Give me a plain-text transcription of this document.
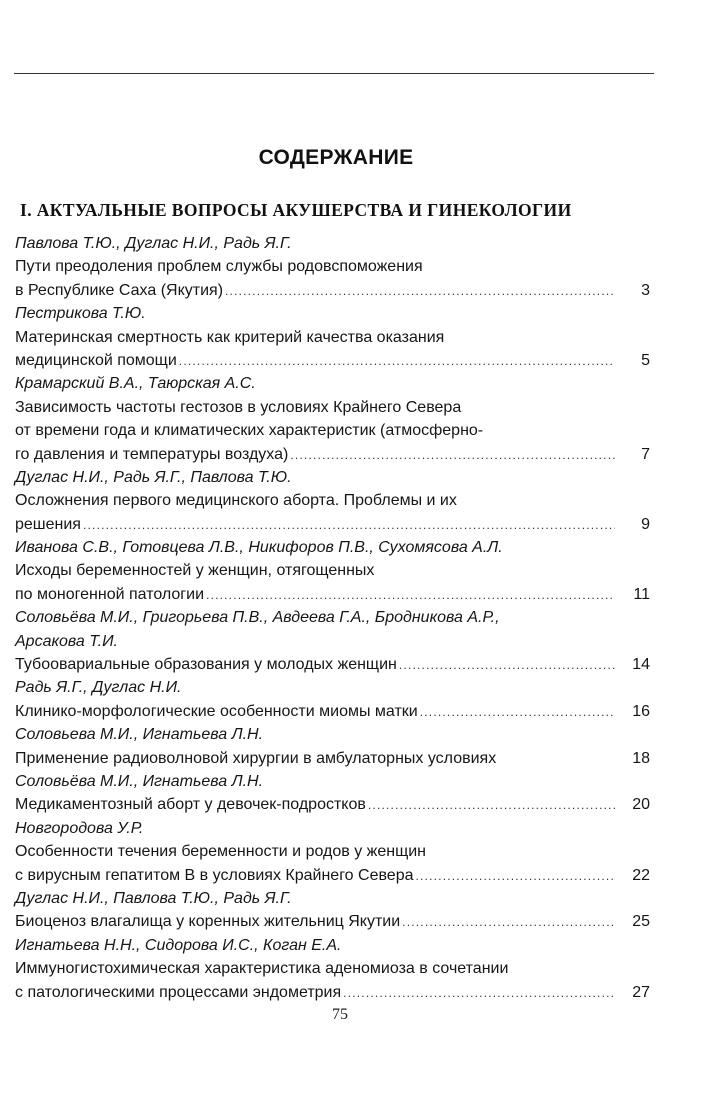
СОДЕРЖАНИЕ
I. АКТУАЛЬНЫЕ ВОПРОСЫ АКУШЕРСТВА И ГИНЕКОЛОГИИ
Павлова Т.Ю., Дуглас Н.И., Радь Я.Г.
Пути преодоления проблем службы родовспоможения
в Республике Саха (Якутия) .....	3
Пестрикова Т.Ю.
Материнская смертность как критерий качества оказания
медицинской помощи .....	5
Крамарский В.А., Таюрская А.С.
Зависимость частоты гестозов в условиях Крайнего Севера
от времени года и климатических характеристик (атмосферно-
го давления и температуры воздуха) .....	7
Дуглас Н.И., Радь Я.Г., Павлова Т.Ю.
Осложнения первого медицинского аборта. Проблемы и их
решения .....	9
Иванова С.В., Готовцева Л.В., Никифоров П.В., Сухомясова А.Л.
Исходы беременностей у женщин, отягощенных
по моногенной патологии .....	11
Соловьёва М.И., Григорьева П.В., Авдеева Г.А., Бродникова А.Р.,
Арсакова Т.И.
Тубоовариальные образования у молодых женщин .....	14
Радь Я.Г., Дуглас Н.И.
Клинико-морфологические особенности миомы матки .....	16
Соловьева М.И., Игнатьева Л.Н.
Применение радиоволновой хирургии в амбулаторных условиях	18
Соловьёва М.И., Игнатьева Л.Н.
Медикаментозный аборт у девочек-подростков .....	20
Новгородова У.Р.
Особенности течения беременности и родов у женщин
с вирусным гепатитом В в условиях Крайнего Севера .....	22
Дуглас Н.И., Павлова Т.Ю., Радь Я.Г.
Биоценоз влагалища у коренных жительниц Якутии .....	25
Игнатьева Н.Н., Сидорова И.С., Коган Е.А.
Иммуногистохимическая характеристика аденомиоза в сочетании
с патологическими процессами эндометрия .....	27
75
